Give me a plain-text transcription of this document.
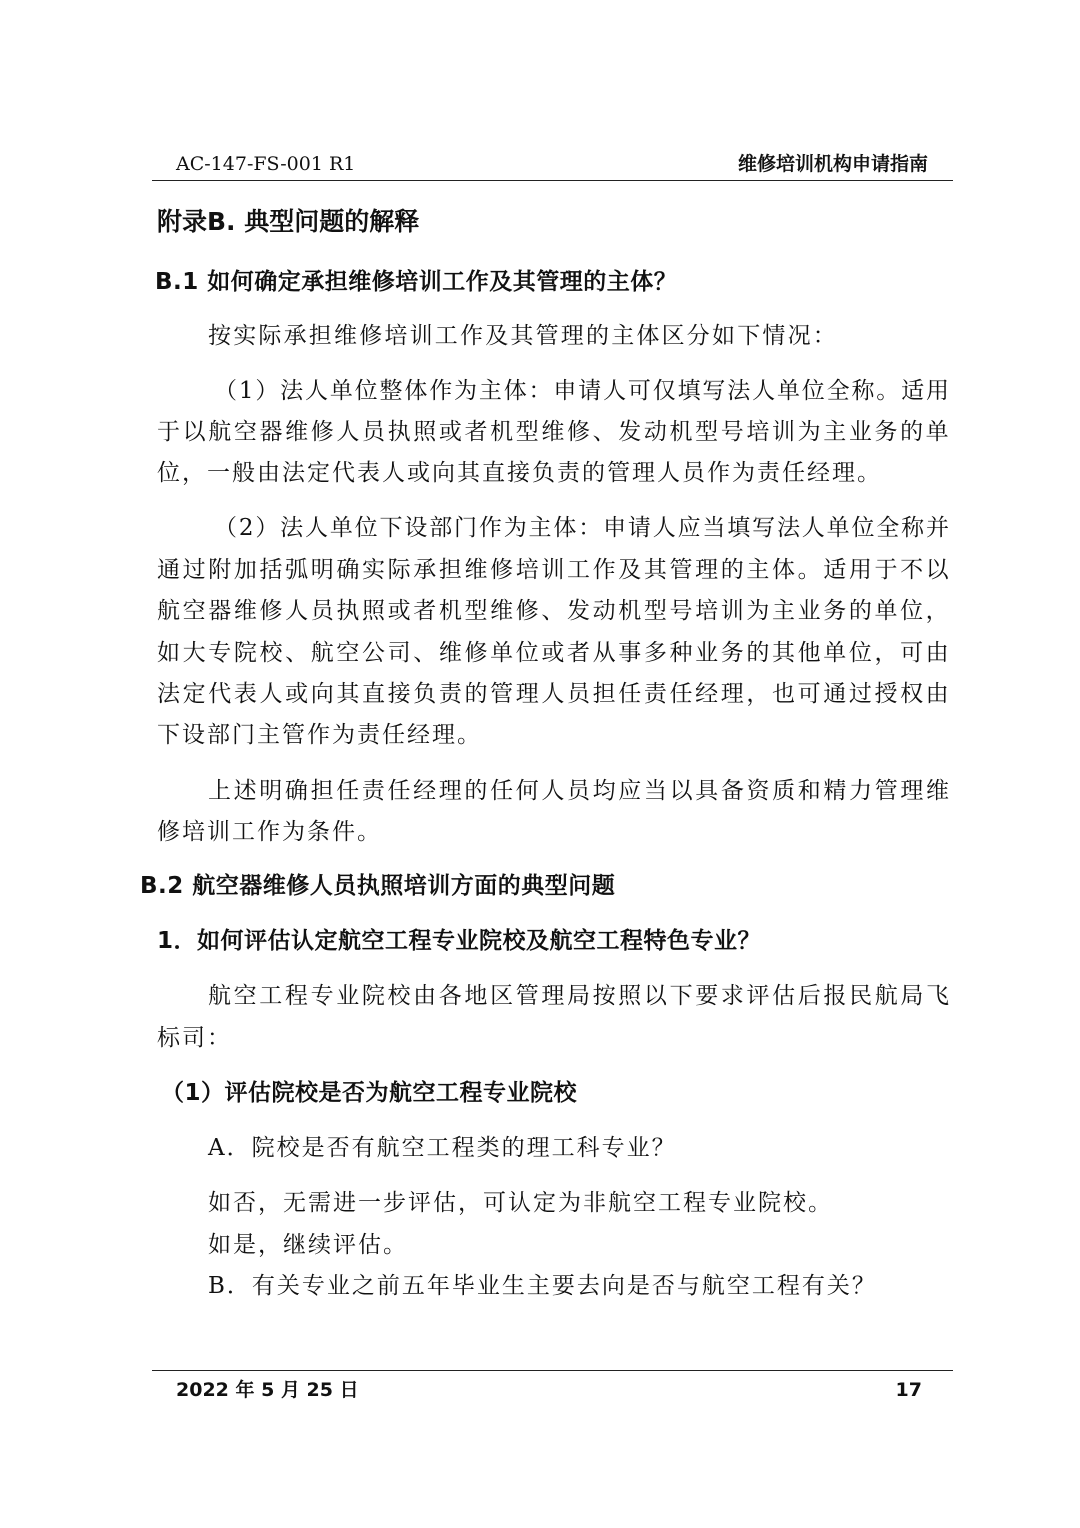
AC-147-FS-001 R1	维修培训机构申请指南
附录B. 典型问题的解释
B.1 如何确定承担维修培训工作及其管理的主体？
按实际承担维修培训工作及其管理的主体区分如下情况：
（1）法人单位整体作为主体：申请人可仅填写法人单位全称。适用
于以航空器维修人员执照或者机型维修、发动机型号培训为主业务的单
位，一般由法定代表人或向其直接负责的管理人员作为责任经理。
（2）法人单位下设部门作为主体：申请人应当填写法人单位全称并
通过附加括弧明确实际承担维修培训工作及其管理的主体。适用于不以
航空器维修人员执照或者机型维修、发动机型号培训为主业务的单位，
如大专院校、航空公司、维修单位或者从事多种业务的其他单位，可由
法定代表人或向其直接负责的管理人员担任责任经理，也可通过授权由
下设部门主管作为责任经理。
上述明确担任责任经理的任何人员均应当以具备资质和精力管理维
修培训工作为条件。
B.2 航空器维修人员执照培训方面的典型问题
1．如何评估认定航空工程专业院校及航空工程特色专业？
航空工程专业院校由各地区管理局按照以下要求评估后报民航局飞
标司：
（1）评估院校是否为航空工程专业院校
A．院校是否有航空工程类的理工科专业？
如否，无需进一步评估，可认定为非航空工程专业院校。
如是，继续评估。
B．有关专业之前五年毕业生主要去向是否与航空工程有关？
2022 年 5 月 25 日	17
